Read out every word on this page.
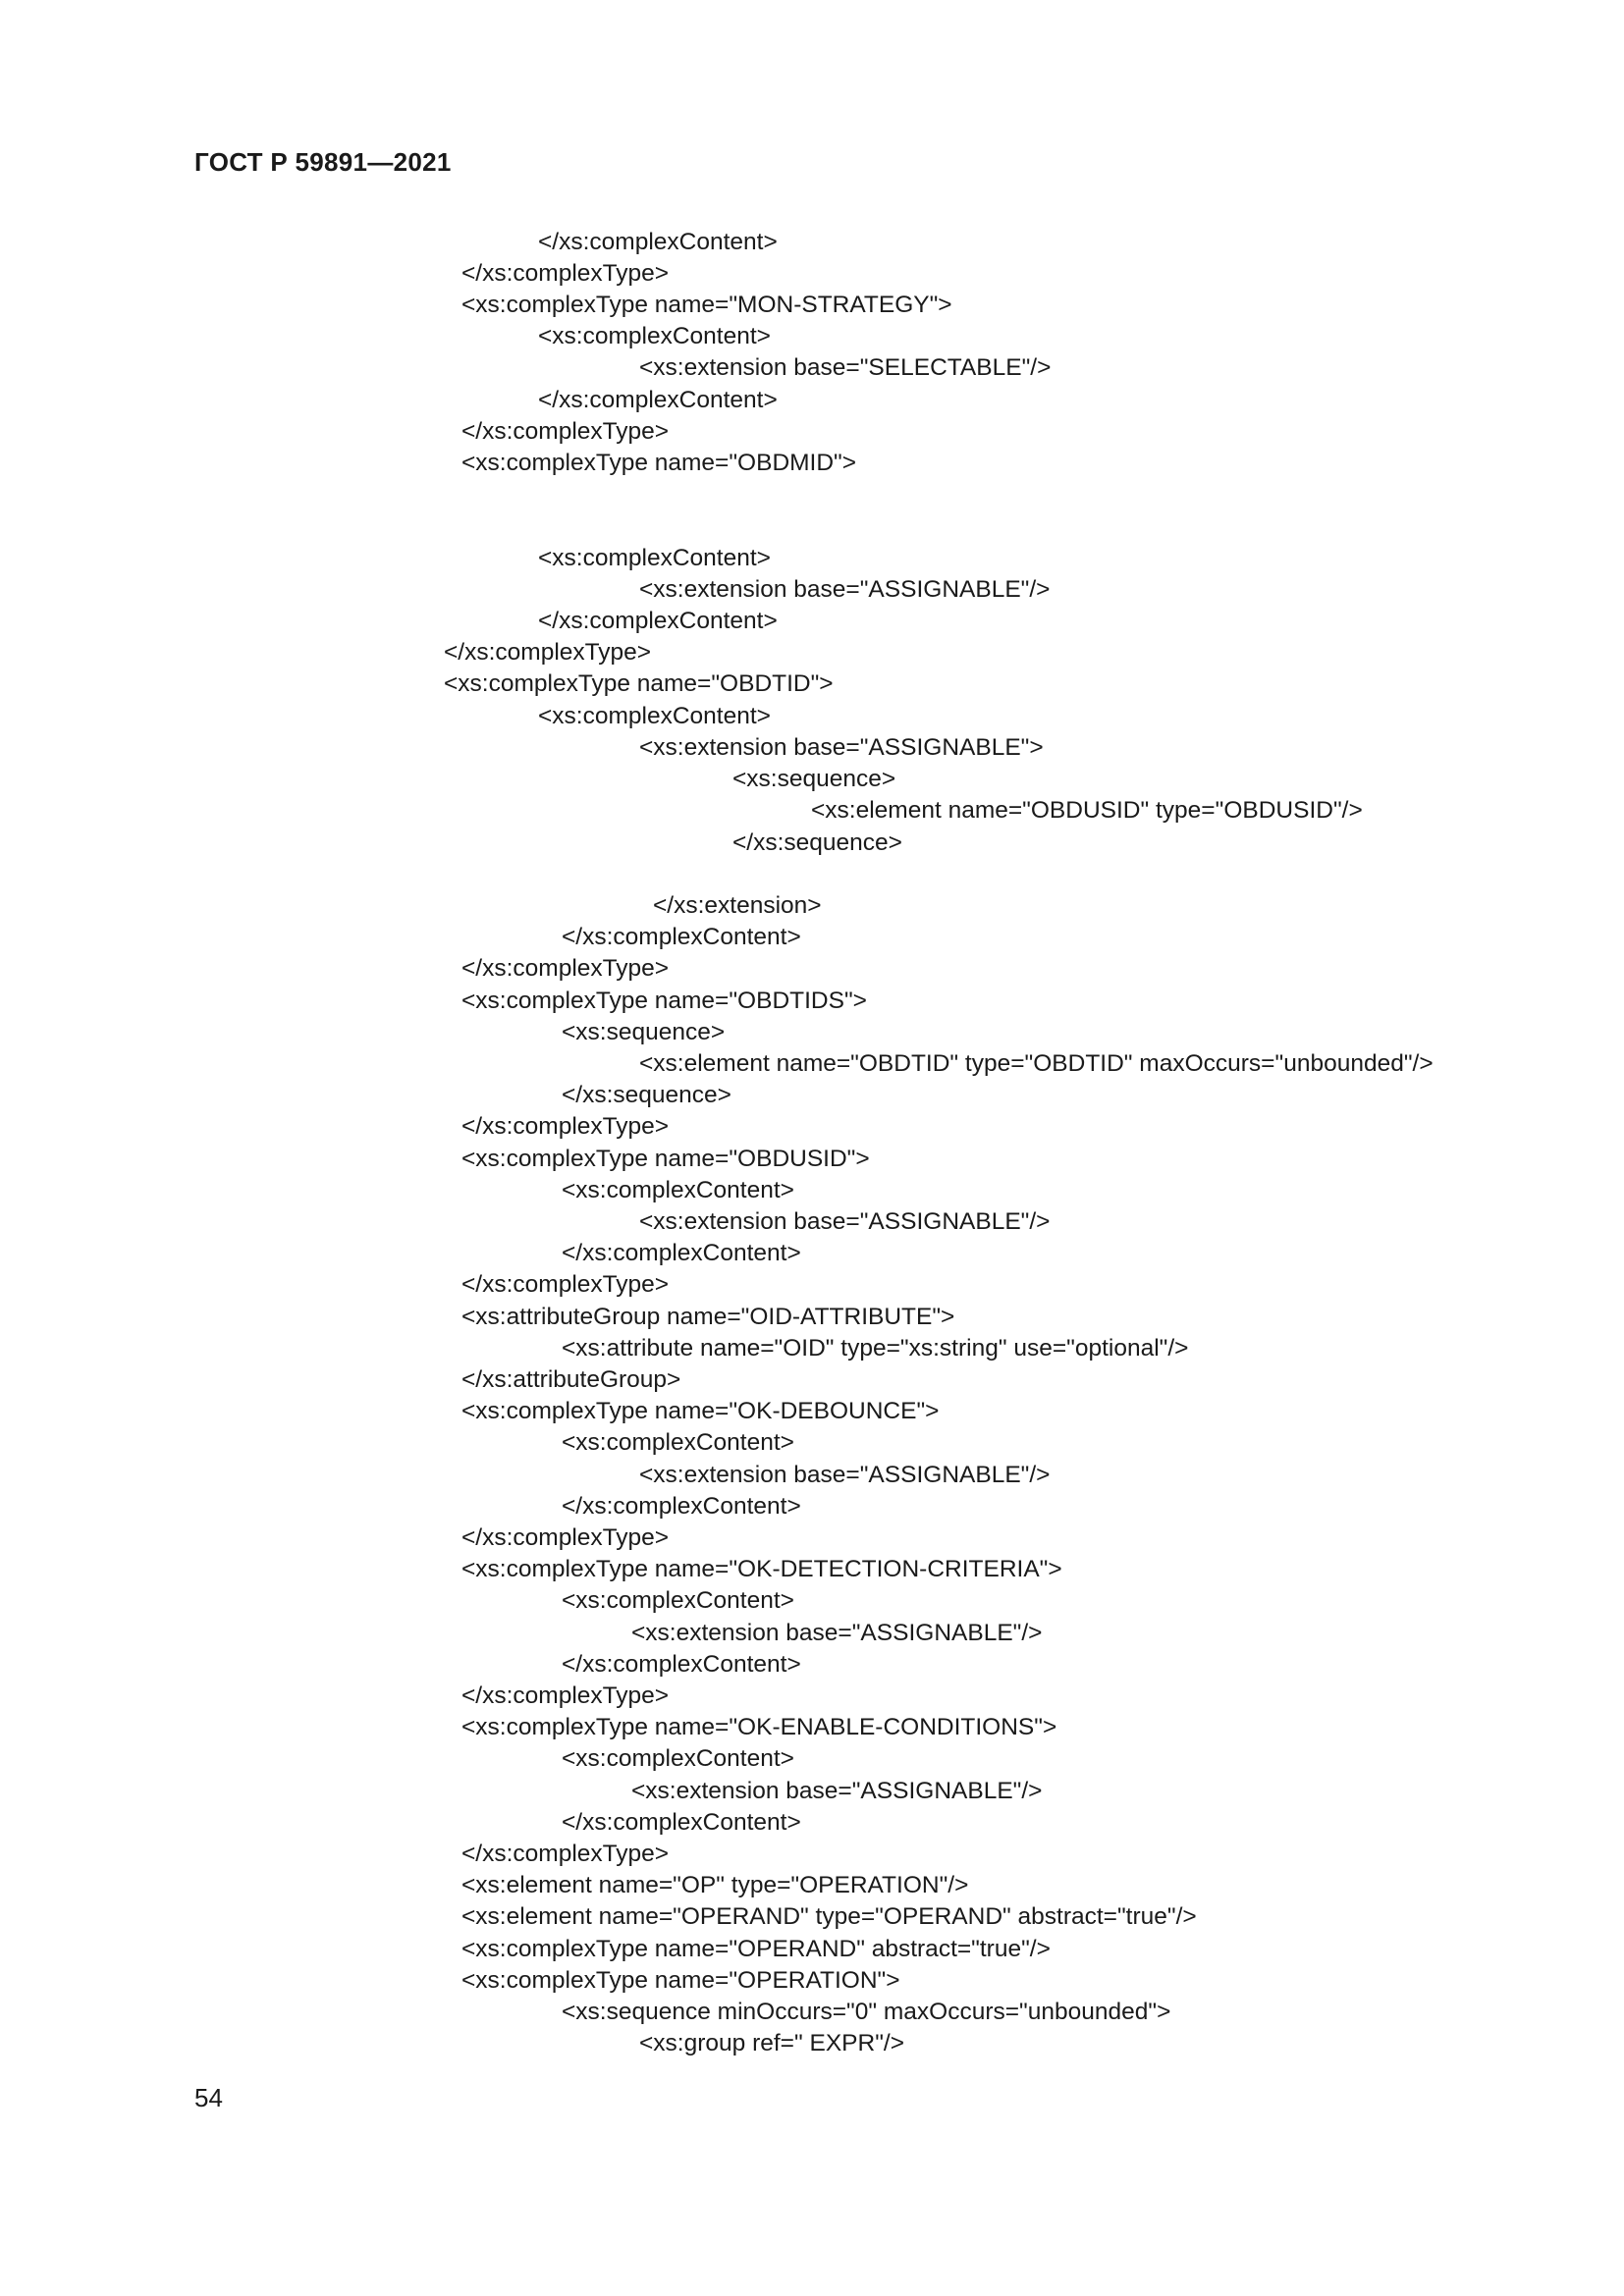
ГОСТ Р 59891—2021
</xs:complexContent>
</xs:complexType>
<xs:complexType name="MON-STRATEGY">
<xs:complexContent>
<xs:extension base="SELECTABLE"/>
</xs:complexContent>
</xs:complexType>
<xs:complexType name="OBDMID">
<xs:complexContent>
<xs:extension base="ASSIGNABLE"/>
</xs:complexContent>
</xs:complexType>
<xs:complexType name="OBDTID">
<xs:complexContent>
<xs:extension base="ASSIGNABLE">
<xs:sequence>
<xs:element name="OBDUSID" type="OBDUSID"/>
</xs:sequence>
</xs:extension>
</xs:complexContent>
</xs:complexType>
<xs:complexType name="OBDTIDS">
<xs:sequence>
<xs:element name="OBDTID" type="OBDTID" maxOccurs="unbounded"/>
</xs:sequence>
</xs:complexType>
<xs:complexType name="OBDUSID">
<xs:complexContent>
<xs:extension base="ASSIGNABLE"/>
</xs:complexContent>
</xs:complexType>
<xs:attributeGroup name="OID-ATTRIBUTE">
<xs:attribute name="OID" type="xs:string" use="optional"/>
</xs:attributeGroup>
<xs:complexType name="OK-DEBOUNCE">
<xs:complexContent>
<xs:extension base="ASSIGNABLE"/>
</xs:complexContent>
</xs:complexType>
<xs:complexType name="OK-DETECTION-CRITERIA">
<xs:complexContent>
<xs:extension base="ASSIGNABLE"/>
</xs:complexContent>
</xs:complexType>
<xs:complexType name="OK-ENABLE-CONDITIONS">
<xs:complexContent>
<xs:extension base="ASSIGNABLE"/>
</xs:complexContent>
</xs:complexType>
<xs:element name="OP" type="OPERATION"/>
<xs:element name="OPERAND" type="OPERAND" abstract="true"/>
<xs:complexType name="OPERAND" abstract="true"/>
<xs:complexType name="OPERATION">
<xs:sequence minOccurs="0" maxOccurs="unbounded">
<xs:group ref=" EXPR"/>
54
